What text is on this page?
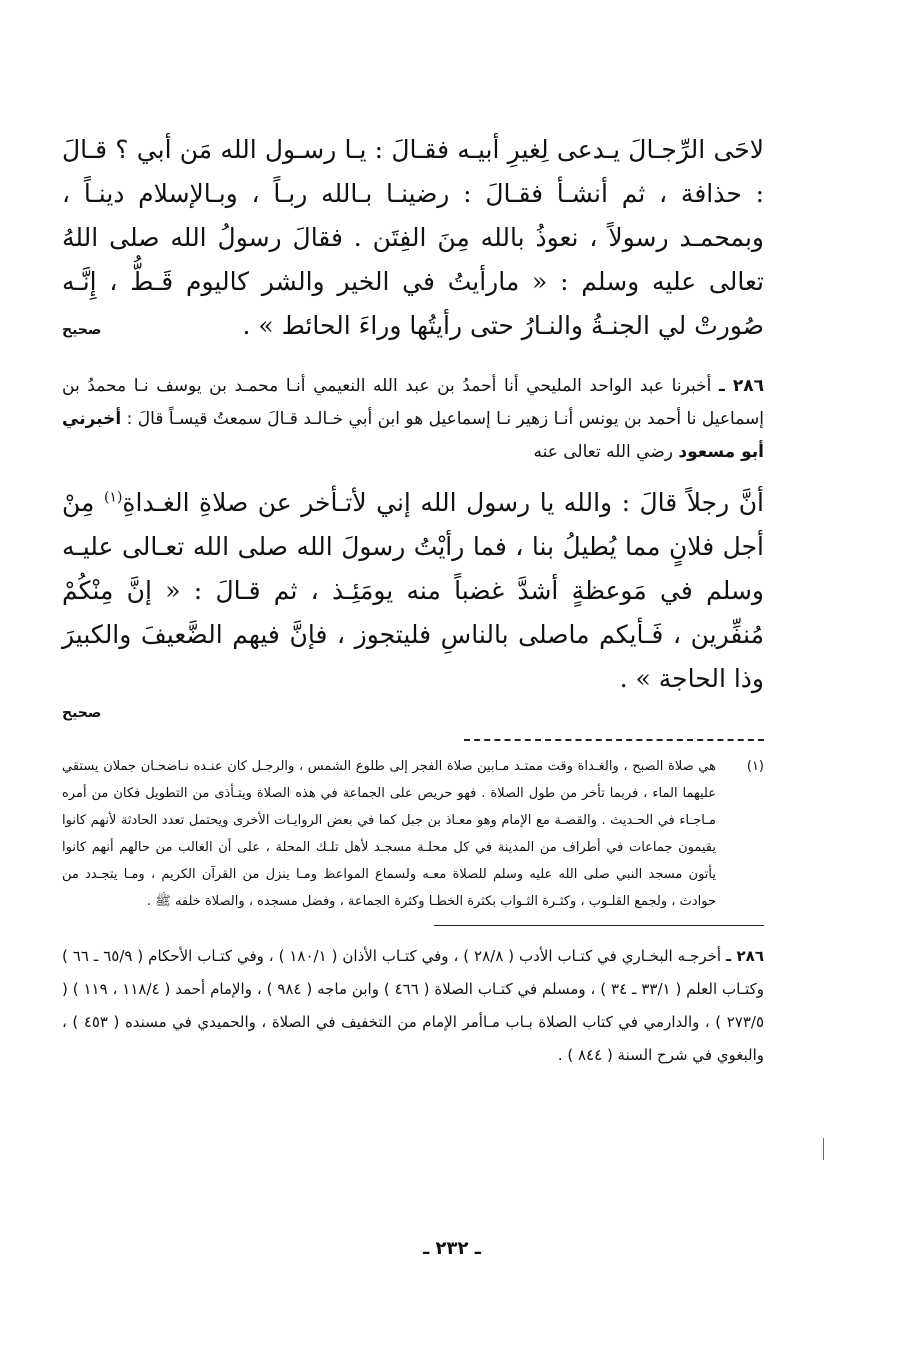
لاحَى الرِّجـالَ يـدعى لِغيرِ أبيـه فقـالَ : يـا رسـول الله مَن أبي ؟ قـالَ : حذافة ، ثم أنشـأ فقـالَ : رضينـا بـالله ربـاً ، وبـالإسلام دينـاً ، وبمحمـد رسولاً ، نعوذُ بالله مِنَ الفِتَن . فقالَ رسولُ الله صلى اللهُ تعالى عليه وسلم : « مارأيتُ في الخير والشر كاليوم قَـطُّ ، إِنَّـه صُورتْ لي الجنـةُ والنـارُ حتى رأيتُها وراءَ الحائط » .

صحيح

٢٨٦ ـ أخبرنا عبد الواحد المليحي أنا أحمدُ بن عبد الله النعيمي أنـا محمـد بن يوسف نـا محمدُ بن إسماعيل نا أحمد بن يونس أنـا زهير نـا إسماعيل هو ابن أبي خـالـد قـالَ سمعتُ قيسـاً قالَ : أخبرني أبو مسعود رضي الله تعالى عنه

أنَّ رجلاً قالَ : والله يا رسول الله إني لأتـأخر عن صلاةِ الغـداةِ$^{(١)}$ مِنْ أجل فلانٍ مما يُطيلُ بنا ، فما رأيْتُ رسولَ الله صلى الله تعـالى عليـه وسلم في مَوعظةٍ أشدَّ غضباً منه يومَئِـذ ، ثم قـالَ : « إنَّ مِنْكُمْ مُنفِّرين ، فَـأيكم ماصلى بالناسِ فليتجوز ، فإنَّ فيهم الضَّعيفَ والكبيرَ وذا الحاجة » .

صحيح

(١)

هي صلاة الصبح ، والغـداة وقت ممتـد مـابين صلاة الفجر إلى طلوع الشمس ، والرجـل كان عنـده نـاضحـان جملان يستقي عليهما الماء ، فربما تأخر من طول الصلاة . فهو حريص على الجماعة في هذه الصلاة ويتـأذى من التطويل فكان من أمره مـاجـاء في الحـديث . والقصـة مع الإمام وهو معـاذ بن جبل كما في بعض الروايـات الأخرى ويحتمل تعدد الحادثة لأنهم كانوا يقيمون جماعات في أطراف من المدينة في كل محلـة مسجـد لأهل تلـك المحلة ، على أن الغالب من حالهم أنهم كانوا يأتون مسجد النبي صلى الله عليه وسلم للصلاة معـه ولسماع المواعظ ومـا ينزل من القرآن الكريم ، ومـا يتجـدد من حوادث ، ولجمع القلـوب ، وكثـرة الثـواب بكثرة الخطـا وكثرة الجماعة ، وفضل مسجده ، والصلاة خلفه ﷺ .

٢٨٦ ـ أخرجـه البخـاري في كتـاب الأدب ( ٢٨/٨ ) ، وفي كتـاب الأذان ( ١٨٠/١ ) ، وفي كتـاب الأحكام ( ٦٥/٩ ـ ٦٦ ) وكتـاب العلم ( ٣٣/١ ـ ٣٤ ) ، ومسلم في كتـاب الصلاة ( ٤٦٦ ) وابن ماجه ( ٩٨٤ ) ، والإمام أحمد ( ١١٨/٤ ، ١١٩ ) ( ٢٧٣/٥ ) ، والدارمي في كتاب الصلاة بـاب مـاأمر الإمام من التخفيف في الصلاة ، والحميدي في مسنده ( ٤٥٣ ) ، والبغوي في شرح السنة ( ٨٤٤ ) .

ـ ٢٣٢ ـ
